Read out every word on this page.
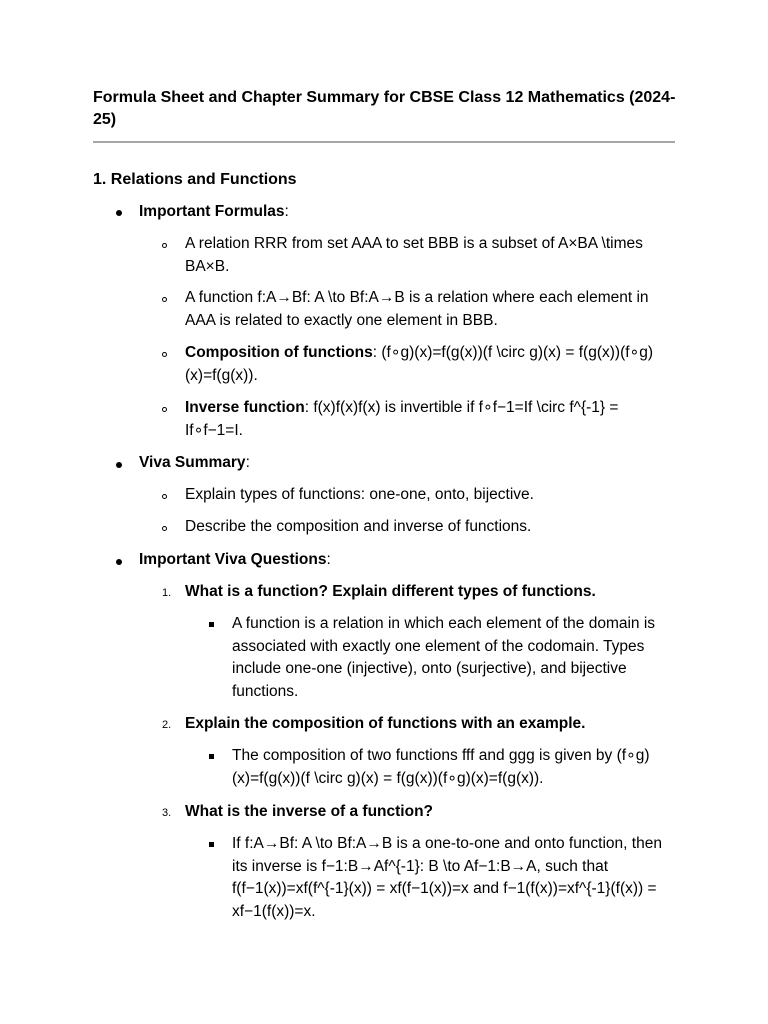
Formula Sheet and Chapter Summary for CBSE Class 12 Mathematics (2024-25)
1. Relations and Functions
Important Formulas:
A relation RRR from set AAA to set BBB is a subset of A×BA \times BA×B.
A function f:A→Bf: A \to Bf:A→B is a relation where each element in AAA is related to exactly one element in BBB.
Composition of functions: (f∘g)(x)=f(g(x))(f \circ g)(x) = f(g(x))(f∘g)(x)=f(g(x)).
Inverse function: f(x)f(x)f(x) is invertible if f∘f−1=If \circ f^{-1} = If∘f−1=I.
Viva Summary:
Explain types of functions: one-one, onto, bijective.
Describe the composition and inverse of functions.
Important Viva Questions:
1. What is a function? Explain different types of functions.
A function is a relation in which each element of the domain is associated with exactly one element of the codomain. Types include one-one (injective), onto (surjective), and bijective functions.
2. Explain the composition of functions with an example.
The composition of two functions fff and ggg is given by (f∘g)(x)=f(g(x))(f \circ g)(x) = f(g(x))(f∘g)(x)=f(g(x)).
3. What is the inverse of a function?
If f:A→Bf: A \to Bf:A→B is a one-to-one and onto function, then its inverse is f−1:B→Af^{-1}: B \to Af−1:B→A, such that f(f−1(x))=xf(f^{-1}(x)) = xf(f−1(x))=x and f−1(f(x))=xf^{-1}(f(x)) = xf−1(f(x))=x.
